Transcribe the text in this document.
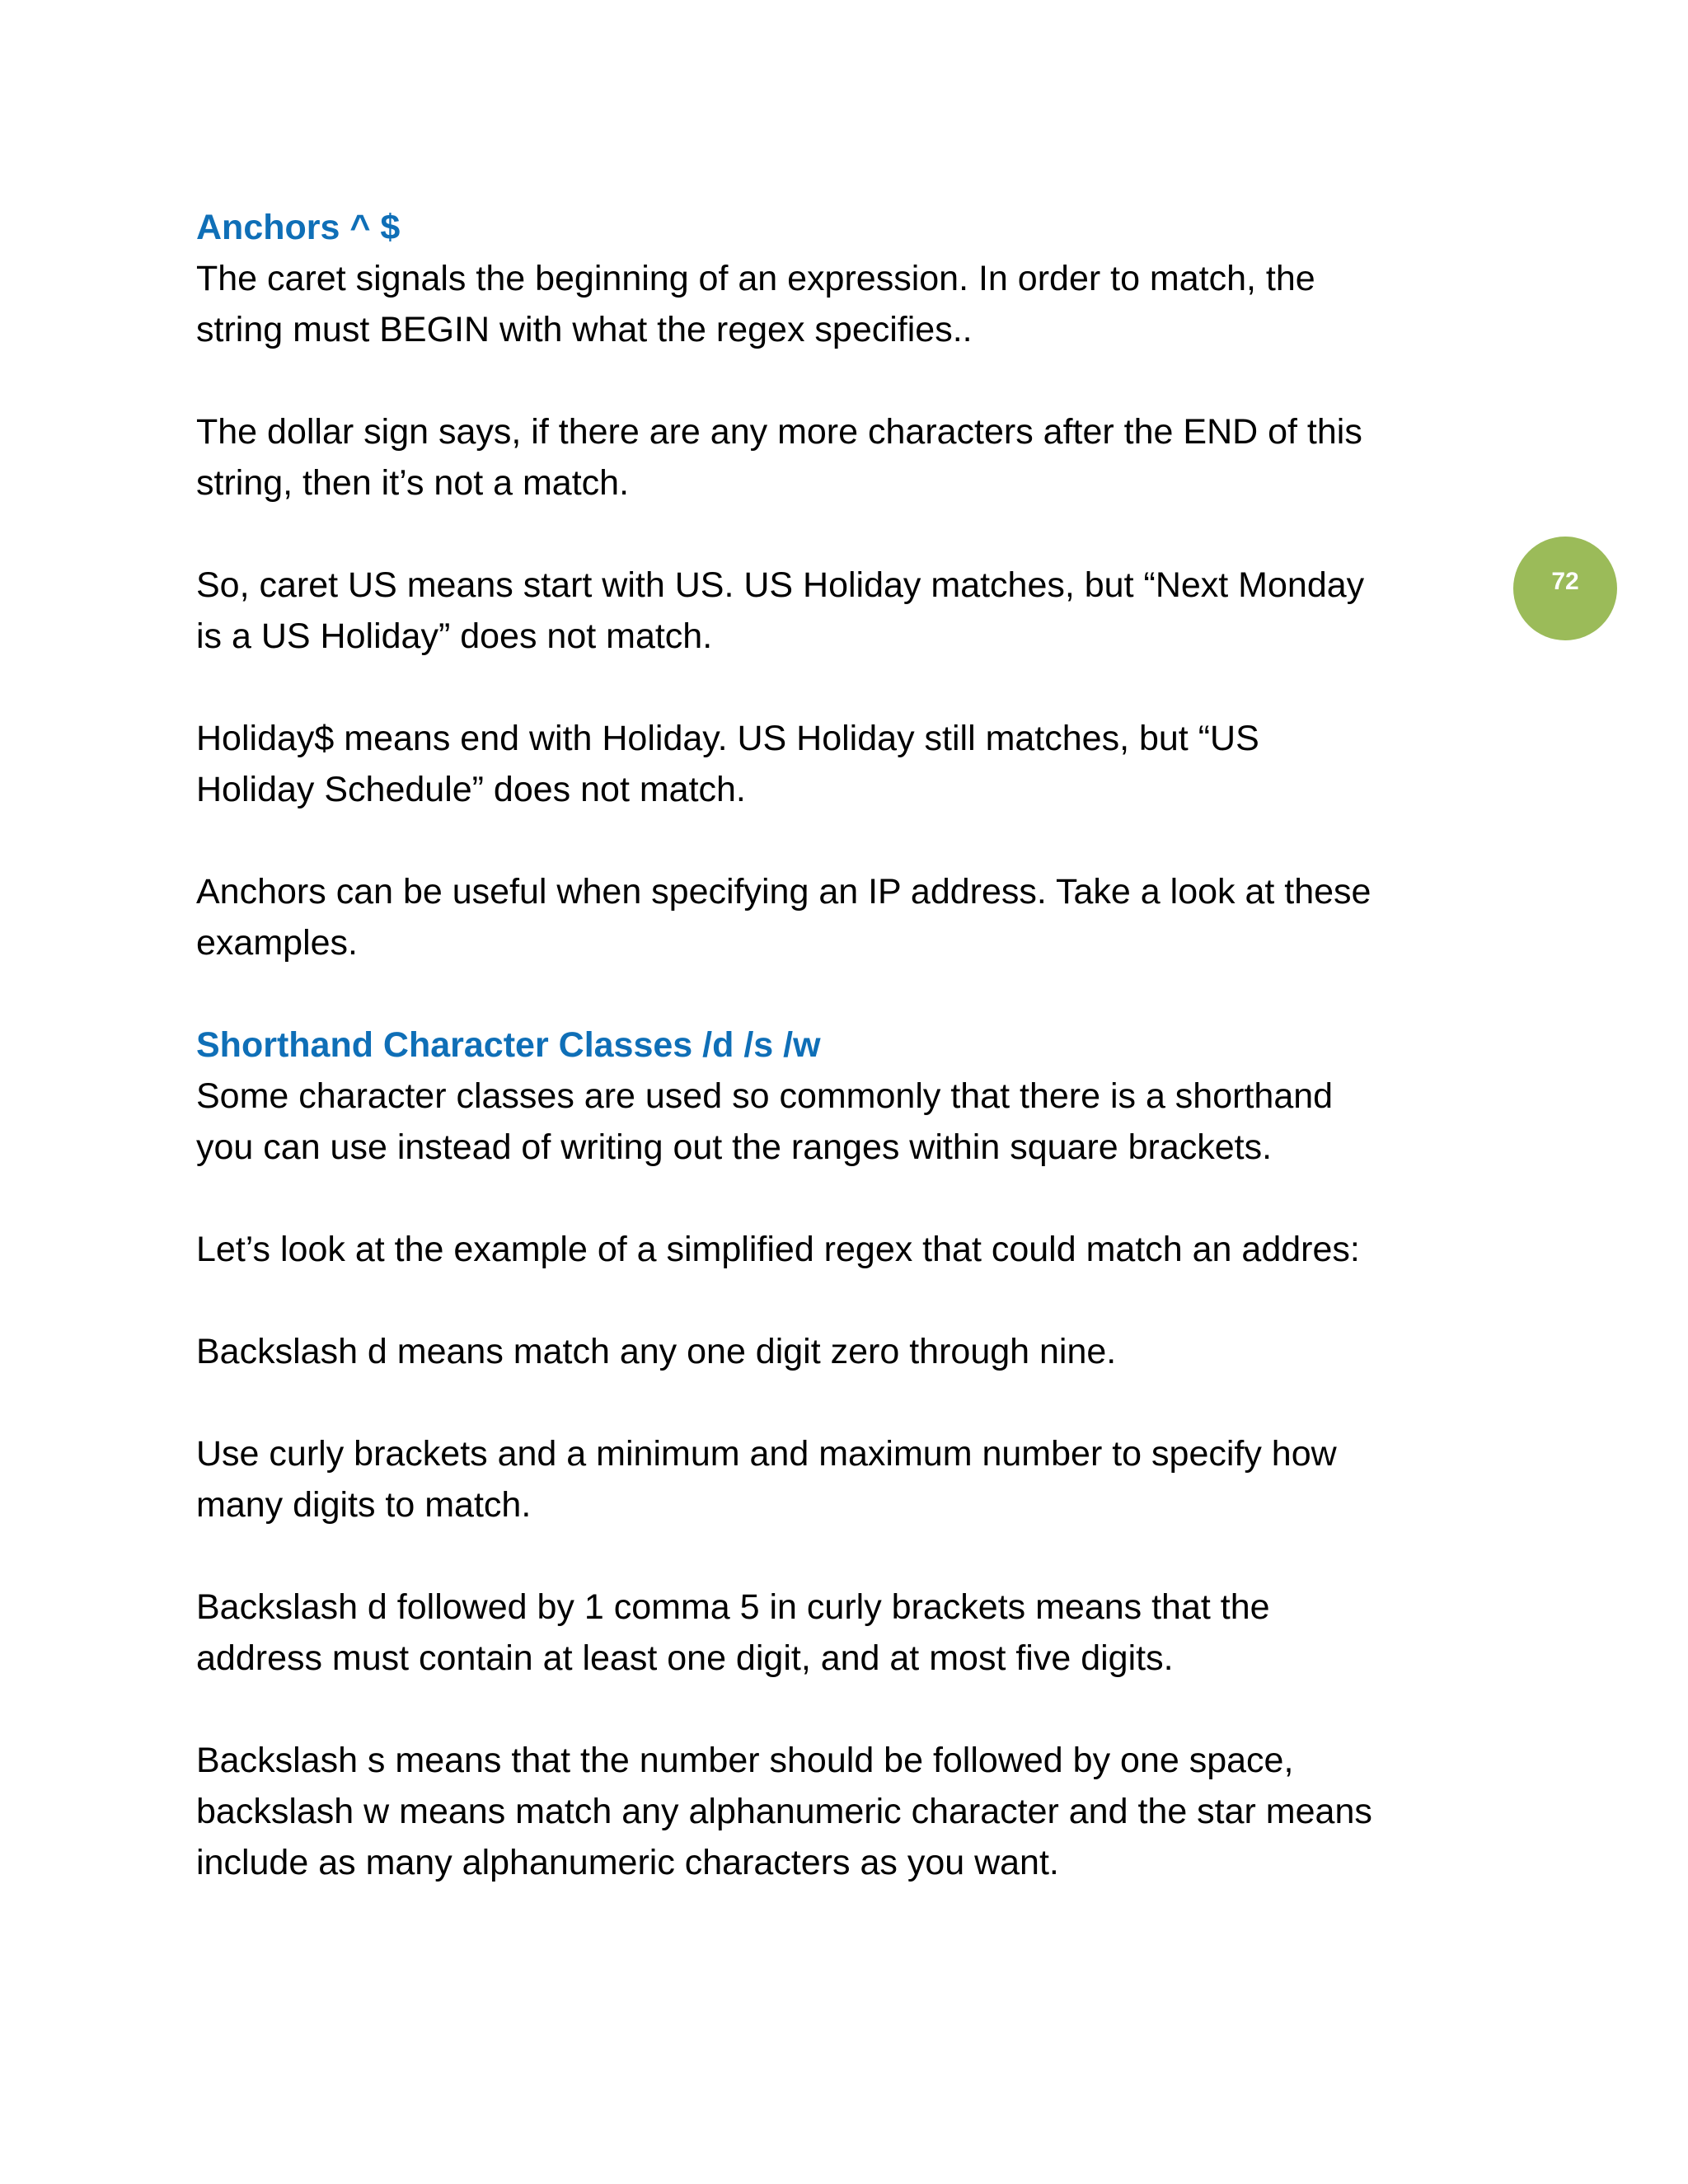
72
Anchors ^ $
The caret signals the beginning of an expression. In order to match, the
string must BEGIN with what the regex specifies..
The dollar sign says, if there are any more characters after the END of this
string, then it’s not a match.
So, caret US means start with US. US Holiday matches, but “Next Monday
is a US Holiday” does not match.
Holiday$ means end with Holiday. US Holiday still matches, but “US
Holiday Schedule” does not match.
Anchors can be useful when specifying an IP address. Take a look at these
examples.
Shorthand Character Classes /d /s /w
Some character classes are used so commonly that there is a shorthand
you can use instead of writing out the ranges within square brackets.
Let’s look at the example of a simplified regex that could match an addres:
Backslash d means match any one digit zero through nine.
Use curly brackets and a minimum and maximum number to specify how
many digits to match.
Backslash d followed by 1 comma 5 in curly brackets means that the
address must contain at least one digit, and at most five digits.
Backslash s means that the number should be followed by one space,
backslash w means match any alphanumeric character and the star means
include as many alphanumeric characters as you want.
